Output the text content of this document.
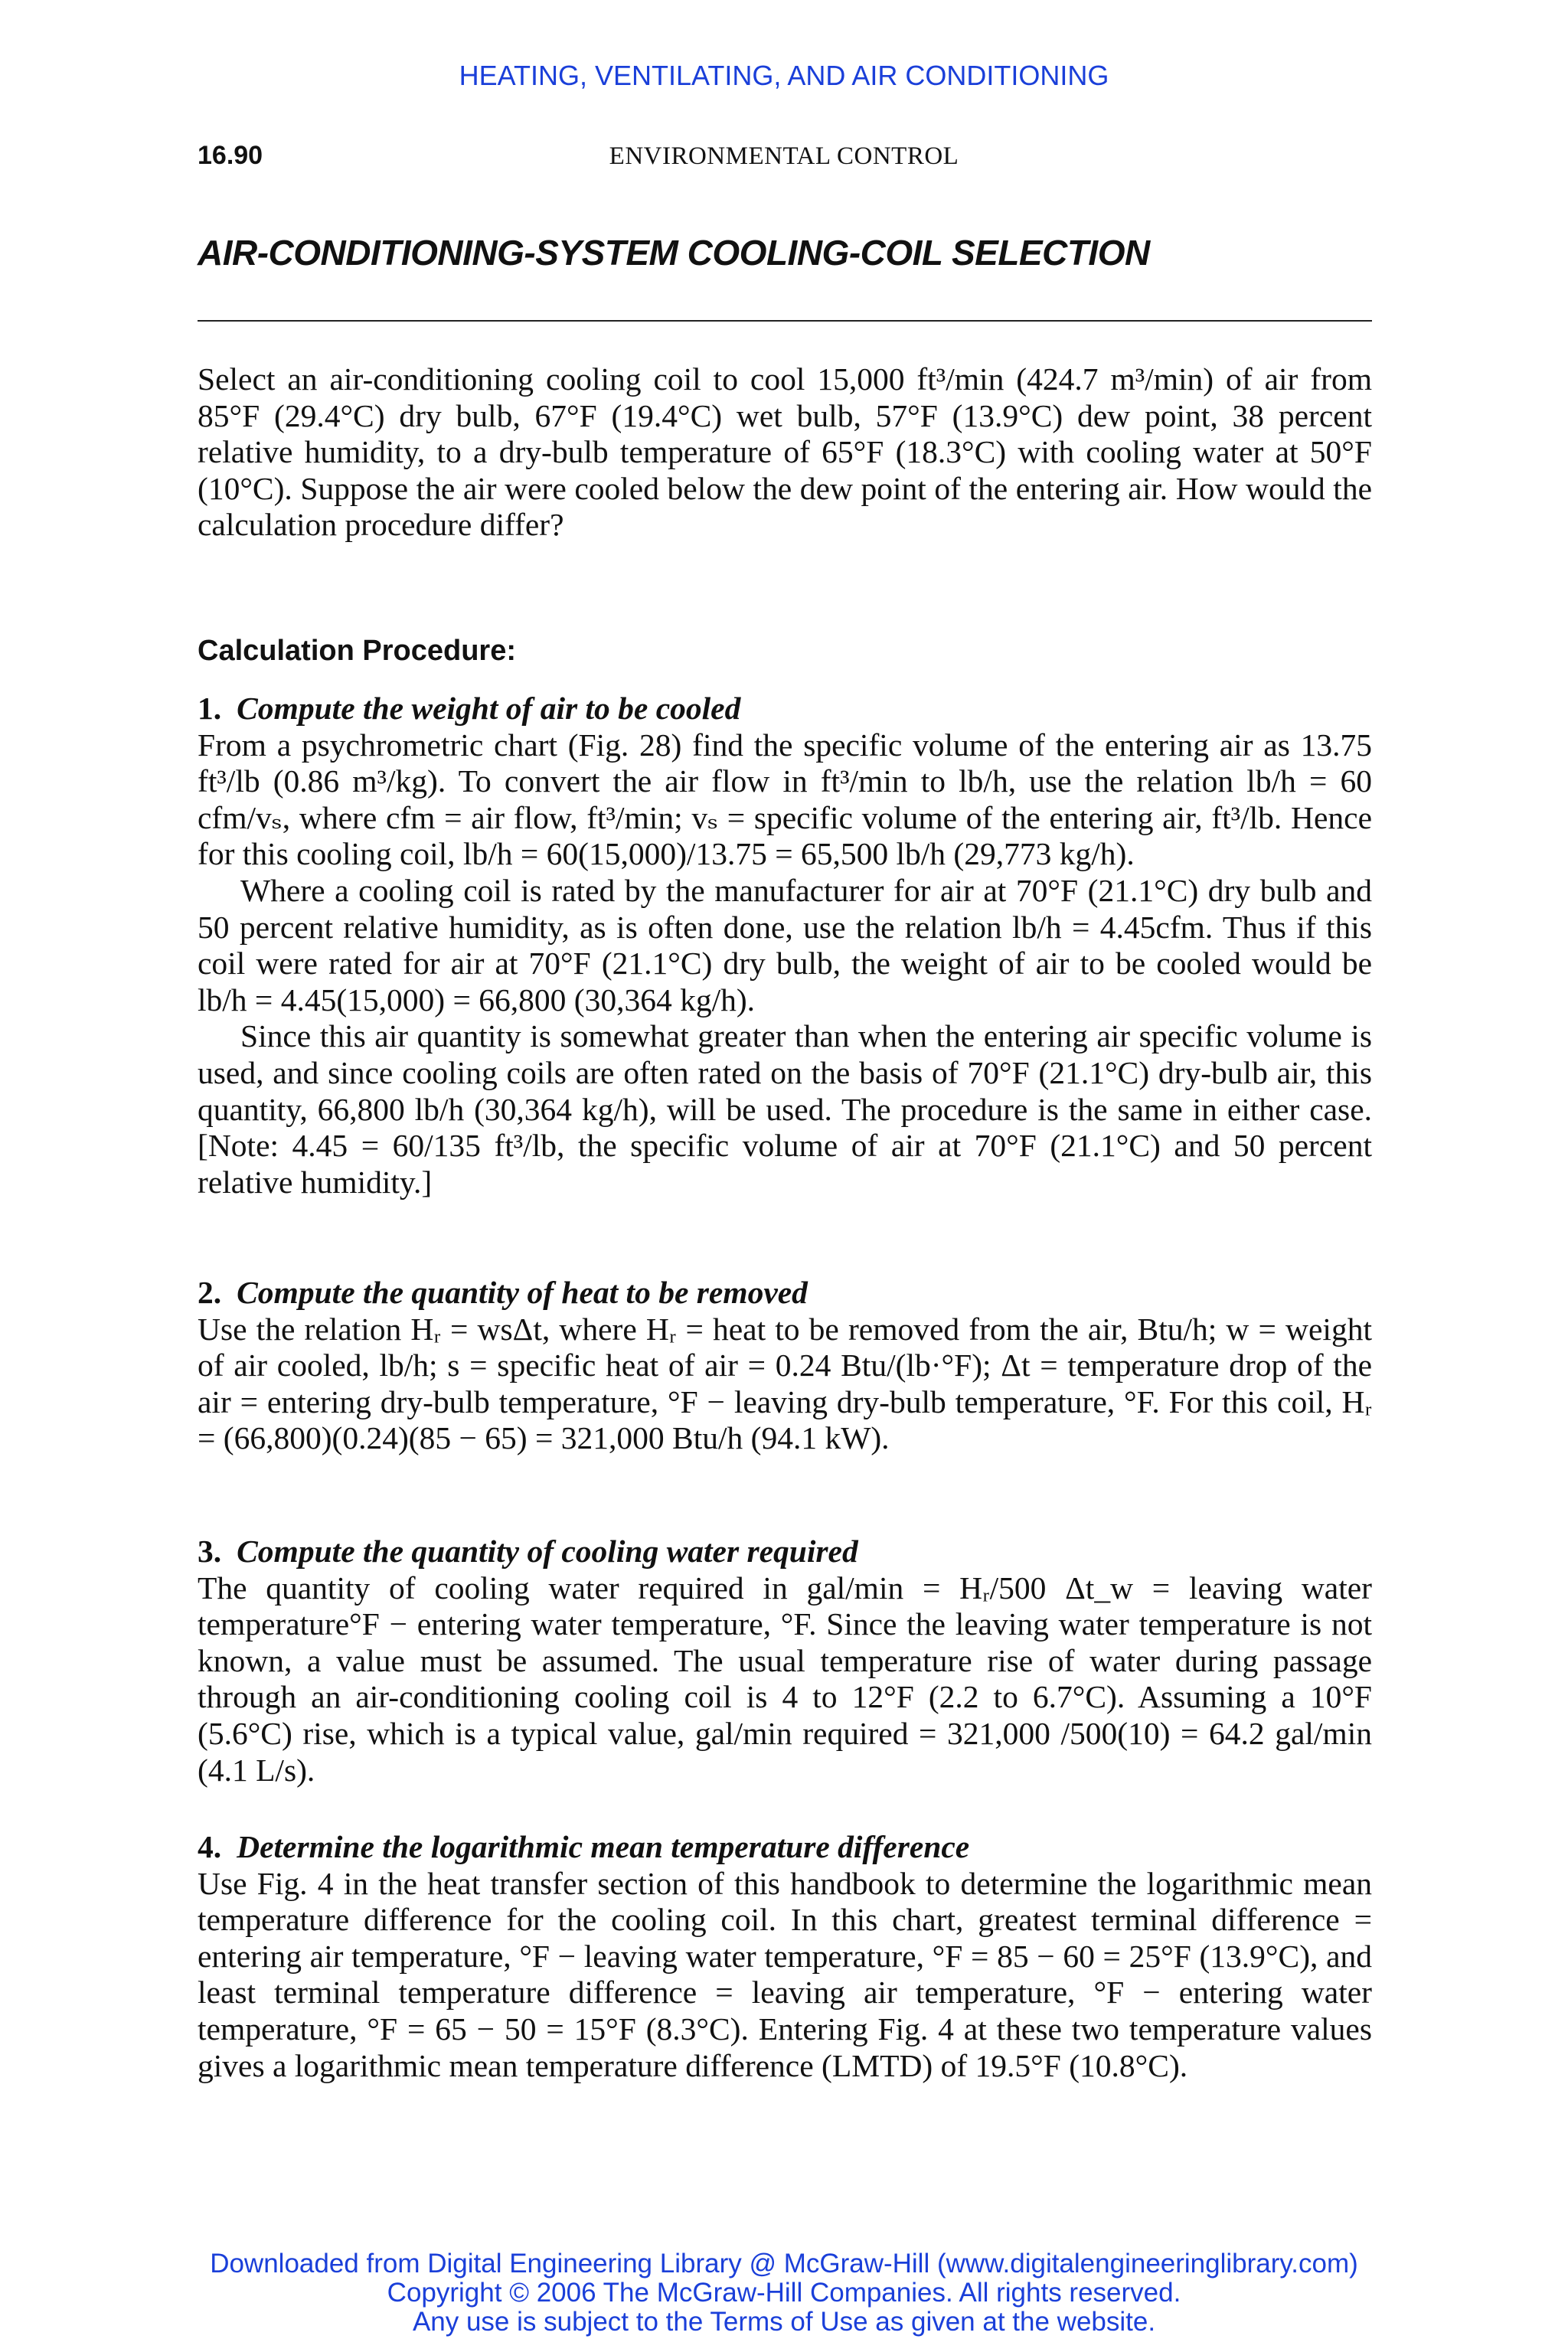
HEATING, VENTILATING, AND AIR CONDITIONING
16.90	ENVIRONMENTAL CONTROL
AIR-CONDITIONING-SYSTEM COOLING-COIL SELECTION

Select an air-conditioning cooling coil to cool 15,000 ft³/min (424.7 m³/min) of air from 85°F (29.4°C) dry bulb, 67°F (19.4°C) wet bulb, 57°F (13.9°C) dew point, 38 percent relative humidity, to a dry-bulb temperature of 65°F (18.3°C) with cooling water at 50°F (10°C). Suppose the air were cooled below the dew point of the entering air. How would the calculation procedure differ?

Calculation Procedure:
1. Compute the weight of air to be cooled
From a psychrometric chart (Fig. 28) find the specific volume of the entering air as 13.75 ft³/lb (0.86 m³/kg). To convert the air flow in ft³/min to lb/h, use the relation lb/h = 60 cfm/vₛ, where cfm = air flow, ft³/min; vₛ = specific volume of the entering air, ft³/lb. Hence for this cooling coil, lb/h = 60(15,000)/13.75 = 65,500 lb/h (29,773 kg/h).
Where a cooling coil is rated by the manufacturer for air at 70°F (21.1°C) dry bulb and 50 percent relative humidity, as is often done, use the relation lb/h = 4.45cfm. Thus if this coil were rated for air at 70°F (21.1°C) dry bulb, the weight of air to be cooled would be lb/h = 4.45(15,000) = 66,800 (30,364 kg/h).
Since this air quantity is somewhat greater than when the entering air specific volume is used, and since cooling coils are often rated on the basis of 70°F (21.1°C) dry-bulb air, this quantity, 66,800 lb/h (30,364 kg/h), will be used. The procedure is the same in either case. [Note: 4.45 = 60/135 ft³/lb, the specific volume of air at 70°F (21.1°C) and 50 percent relative humidity.]
2. Compute the quantity of heat to be removed
Use the relation Hᵣ = wsΔt, where Hᵣ = heat to be removed from the air, Btu/h; w = weight of air cooled, lb/h; s = specific heat of air = 0.24 Btu/(lb·°F); Δt = temperature drop of the air = entering dry-bulb temperature, °F − leaving dry-bulb temperature, °F. For this coil, Hᵣ = (66,800)(0.24)(85 − 65) = 321,000 Btu/h (94.1 kW).
3. Compute the quantity of cooling water required
The quantity of cooling water required in gal/min = Hᵣ/500 Δt_w = leaving water temperature°F − entering water temperature, °F. Since the leaving water temperature is not known, a value must be assumed. The usual temperature rise of water during passage through an air-conditioning cooling coil is 4 to 12°F (2.2 to 6.7°C). Assuming a 10°F (5.6°C) rise, which is a typical value, gal/min required = 321,000 /500(10) = 64.2 gal/min (4.1 L/s).
4. Determine the logarithmic mean temperature difference
Use Fig. 4 in the heat transfer section of this handbook to determine the logarithmic mean temperature difference for the cooling coil. In this chart, greatest terminal difference = entering air temperature, °F − leaving water temperature, °F = 85 − 60 = 25°F (13.9°C), and least terminal temperature difference = leaving air temperature, °F − entering water temperature, °F = 65 − 50 = 15°F (8.3°C). Entering Fig. 4 at these two temperature values gives a logarithmic mean temperature difference (LMTD) of 19.5°F (10.8°C).
Downloaded from Digital Engineering Library @ McGraw-Hill (www.digitalengineeringlibrary.com)
Copyright © 2006 The McGraw-Hill Companies. All rights reserved.
Any use is subject to the Terms of Use as given at the website.
